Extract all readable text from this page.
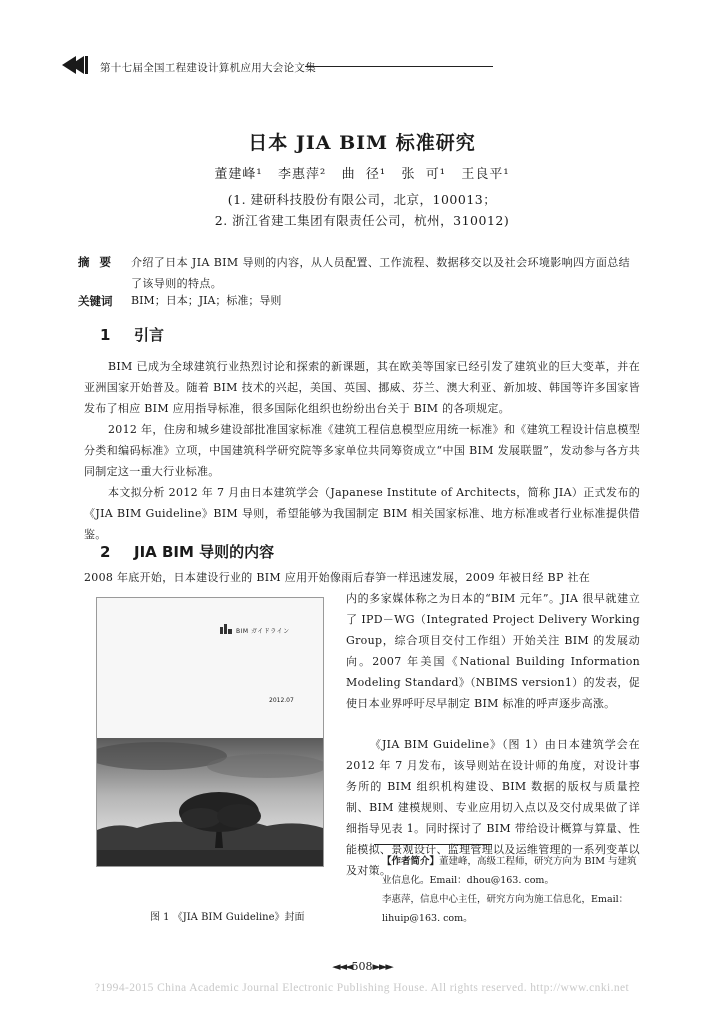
第十七届全国工程建设计算机应用大会论文集
日本 JIA BIM 标准研究
董建峰¹   李惠萍²   曲  径¹   张  可¹   王良平¹
(1. 建研科技股份有限公司，北京，100013；
2. 浙江省建工集团有限责任公司，杭州，310012)
摘要 介绍了日本 JIA BIM 导则的内容，从人员配置、工作流程、数据移交以及社会环境影响四方面总结了该导则的特点。
关键词 BIM；日本；JIA；标准；导则
1 引言
BIM 已成为全球建筑行业热烈讨论和探索的新课题，其在欧美等国家已经引发了建筑业的巨大变革，并在亚洲国家开始普及。随着 BIM 技术的兴起，美国、英国、挪威、芬兰、澳大利亚、新加坡、韩国等许多国家皆发布了相应 BIM 应用指导标准，很多国际化组织也纷纷出台关于 BIM 的各项规定。
2012 年，住房和城乡建设部批准国家标准《建筑工程信息模型应用统一标准》和《建筑工程设计信息模型分类和编码标准》立项，中国建筑科学研究院等多家单位共同筹资成立“中国 BIM 发展联盟”，发动参与各方共同制定这一重大行业标准。
本文拟分析 2012 年 7 月由日本建筑学会（Japanese Institute of Architects，简称 JIA）正式发布的《JIA BIM Guideline》BIM 导则，希望能够为我国制定 BIM 相关国家标准、地方标准或者行业标准提供借鉴。
2 JIA BIM 导则的内容
2008 年底开始，日本建设行业的 BIM 应用开始像雨后春笋一样迅速发展，2009 年被日经 BP 社在
内的多家媒体称之为日本的“BIM 元年”。JIA 很早就建立了 IPD－WG（Integrated Project Delivery Working Group，综合项目交付工作组）开始关注 BIM 的发展动向。2007 年美国《National Building Information Modeling Standard》（NBIMS version1）的发表，促使日本业界呼吁尽早制定 BIM 标准的呼声逐步高涨。
《JIA BIM Guideline》（图 1）由日本建筑学会在 2012 年 7 月发布，该导则站在设计师的角度，对设计事务所的 BIM 组织机构建设、BIM 数据的版权与质量控制、BIM 建模规则、专业应用切入点以及交付成果做了详细指导见表 1。同时探讨了 BIM 带给设计概算与算量、性能模拟、景观设计、监理管理以及运维管理的一系列变革以及对策。
BIM ガイドライン
2012.07
图 1 《JIA BIM Guideline》封面
【作者简介】董建峰，高级工程师，研究方向为 BIM 与建筑业信息化。Email：dhou@163. com。
李惠萍，信息中心主任，研究方向为施工信息化，Email：
lihuip@163. com。
◄◄◄508►►►
?1994-2015 China Academic Journal Electronic Publishing House. All rights reserved. http://www.cnki.net
